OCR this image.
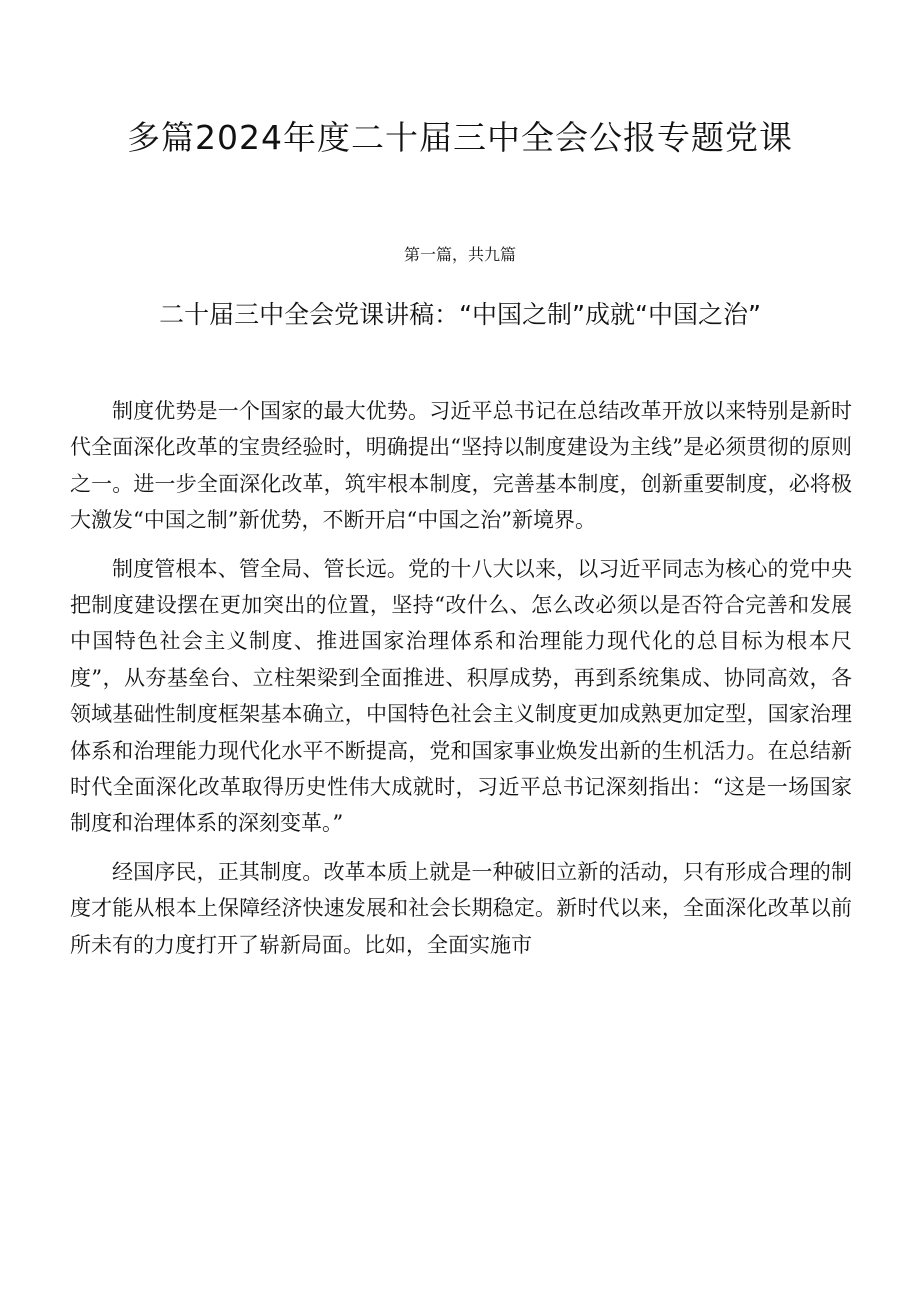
多篇2024年度二十届三中全会公报专题党课
第一篇，共九篇
二十届三中全会党课讲稿：“中国之制”成就“中国之治”

制度优势是一个国家的最大优势。习近平总书记在总结改革开放以来特别是新时代全面深化改革的宝贵经验时，明确提出“坚持以制度建设为主线”是必须贯彻的原则之一。进一步全面深化改革，筑牢根本制度，完善基本制度，创新重要制度，必将极大激发“中国之制”新优势，不断开启“中国之治”新境界。

制度管根本、管全局、管长远。党的十八大以来，以习近平同志为核心的党中央把制度建设摆在更加突出的位置，坚持“改什么、怎么改必须以是否符合完善和发展中国特色社会主义制度、推进国家治理体系和治理能力现代化的总目标为根本尺度”，从夯基垒台、立柱架梁到全面推进、积厚成势，再到系统集成、协同高效，各领域基础性制度框架基本确立，中国特色社会主义制度更加成熟更加定型，国家治理体系和治理能力现代化水平不断提高，党和国家事业焕发出新的生机活力。在总结新时代全面深化改革取得历史性伟大成就时，习近平总书记深刻指出：“这是一场国家制度和治理体系的深刻变革。”

经国序民，正其制度。改革本质上就是一种破旧立新的活动，只有形成合理的制度才能从根本上保障经济快速发展和社会长期稳定。新时代以来，全面深化改革以前所未有的力度打开了崭新局面。比如，全面实施市
